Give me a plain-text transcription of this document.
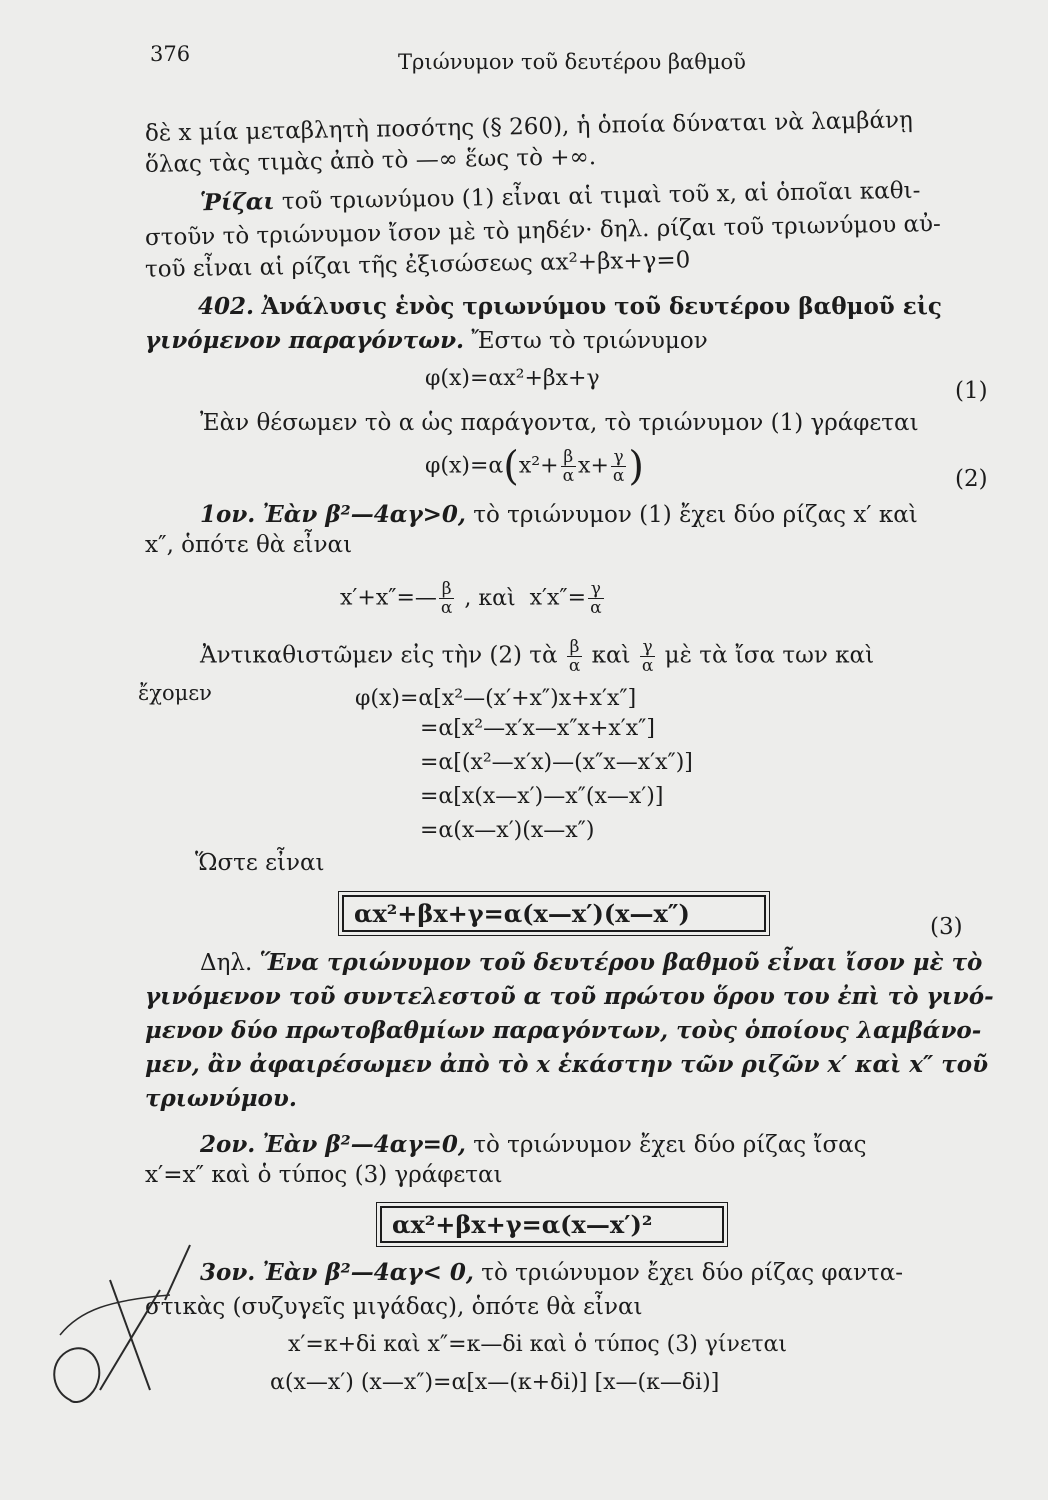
376	Τριώνυμον τοῦ δευτέρου βαθμοῦ
δὲ x μία μεταβλητὴ ποσότης (§ 260), ἡ ὁποία δύναται νὰ λαμβάνῃ
ὅλας τὰς τιμὰς ἀπὸ τὸ —∞ ἕως τὸ +∞.
Ῥίζαι τοῦ τριωνύμου (1) εἶναι αἱ τιμαὶ τοῦ x, αἱ ὁποῖαι καθι-
στοῦν τὸ τριώνυμον ἴσον μὲ τὸ μηδέν· δηλ. ρίζαι τοῦ τριωνύμου αὐ-
τοῦ εἶναι αἱ ρίζαι τῆς ἐξισώσεως αx²+βx+γ=0
402. Ἀνάλυσις ἑνὸς τριωνύμου τοῦ δευτέρου βαθμοῦ εἰς
γινόμενον παραγόντων. Ἔστω τὸ τριώνυμον
φ(x)=αx²+βx+γ	(1)
Ἐὰν θέσωμεν τὸ α ὡς παράγοντα, τὸ τριώνυμον (1) γράφεται
$\varphi(x)=\alpha(x^2+ \frac{\beta}{\alpha} x+ \frac{\gamma}{\alpha}$ )	(2)
1ον. Ἐὰν β²—4αγ>0, τὸ τριώνυμον (1) ἔχει δύο ρίζας x′ καὶ
x″, ὁπότε θὰ εἶναι
x′+x″=— $\frac{\beta}{\alpha}$ , καὶ $x'x''= \frac{\gamma}{\alpha}$
Ἀντικαθιστῶμεν εἰς τὴν (2) τὰ $\frac{\beta}{\alpha}$ καὶ $\frac{\gamma}{\alpha}$ μὲ τὰ ἴσα των καὶ
ἔχομεν	φ(x)=α[x²—(x′+x″)x+x′x″]
=α[x²—x′x—x″x+x′x″]
=α[(x²—x′x)—(x″x—x′x″)]
=α[x(x—x′)—x″(x—x′)]
=α(x—x′)(x—x″)
Ὥστε εἶναι
αx²+βx+γ=α(x—x′)(x—x″)	(3)
Δηλ. Ἕνα τριώνυμον τοῦ δευτέρου βαθμοῦ εἶναι ἴσον μὲ τὸ
γινόμενον τοῦ συντελεστοῦ α τοῦ πρώτου ὅρου του ἐπὶ τὸ γινό-
μενον δύο πρωτοβαθμίων παραγόντων, τοὺς ὁποίους λαμβάνο-
μεν, ἂν ἀφαιρέσωμεν ἀπὸ τὸ x ἑκάστην τῶν ριζῶν x′ καὶ x″ τοῦ
τριωνύμου.
2ον. Ἐὰν β²—4αγ=0, τὸ τριώνυμον ἔχει δύο ρίζας ἴσας
x′=x″ καὶ ὁ τύπος (3) γράφεται
αx²+βx+γ=α(x—x′)²
3ον. Ἐὰν β²—4αγ< 0, τὸ τριώνυμον ἔχει δύο ρίζας φαντα-
στικὰς (συζυγεῖς μιγάδας), ὁπότε θὰ εἶναι
x′=κ+δi καὶ x″=κ—δi καὶ ὁ τύπος (3) γίνεται
α(x—x′) (x—x″)=α[x—(κ+δi)] [x—(κ—δi)]
